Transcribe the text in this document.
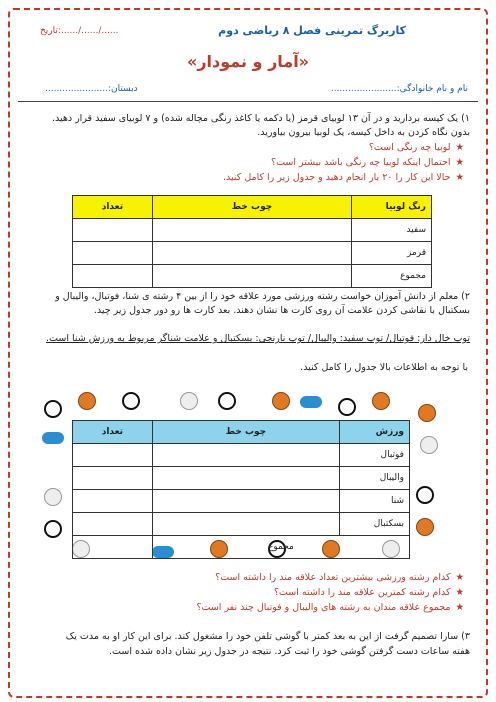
تاریخ:....../....../......	کاربرگ تمرینی فصل ۸ ریاضی دوم
«آمار و نمودار»
نام و نام خانوادگی:.......................
دبستان:......................
۱) یک کیسه بردارید و در آن ۱۳ لوبیای قرمز (یا دکمه یا کاغذ رنگی مچاله شده) و ۷ لوبیای سفید قرار دهید.
بدون نگاه کردن به داخل کیسه، یک لوبیا بیرون بیاورید.
★لوبیا چه رنگی است؟
★احتمال اینکه لوبیا چه رنگی باشد بیشتر است؟
★حالا این کار را ۲۰ بار انجام دهید و جدول زیر را کامل کنید.
رنگ لوبیا	چوب خط	تعداد
سفید		
قرمز		
مجموع		
۲) معلم از دانش آموزان خواست رشته ورزشی مورد علاقه خود را از بین ۴ رشته ی شنا، فوتبال، والیبال و
بسکتبال با نقاشی کردن علامت آن روی کارت ها نشان دهند. بعد کارت ها رو دور جدول زیر چید.
توپ خال دار: فوتبال/ توپ سفید: والیبال/ توپ نارنجی: بسکتبال و علامت شناگر مربوط به ورزش شنا است.
با توجه به اطلاعات بالا جدول را کامل کنید.
ورزش	چوب خط	تعداد
فوتبال		
والیبال		
شنا		
بسکتبال		
مجموع		
★کدام رشته ورزشی بیشترین تعداد علاقه مند را داشته است؟
★کدام رشته کمترین علاقه مند را داشته است؟
★مجموع علاقه مندان به رشته های والیبال و فوتبال چند نفر است؟
۳) سارا تصمیم گرفت از این به بعد کمتر با گوشی تلفن خود را مشغول کند. برای این کار او به مدت یک
هفته ساعات دست گرفتن گوشی خود را ثبت کرد. نتیجه در جدول زیر نشان داده شده است.
